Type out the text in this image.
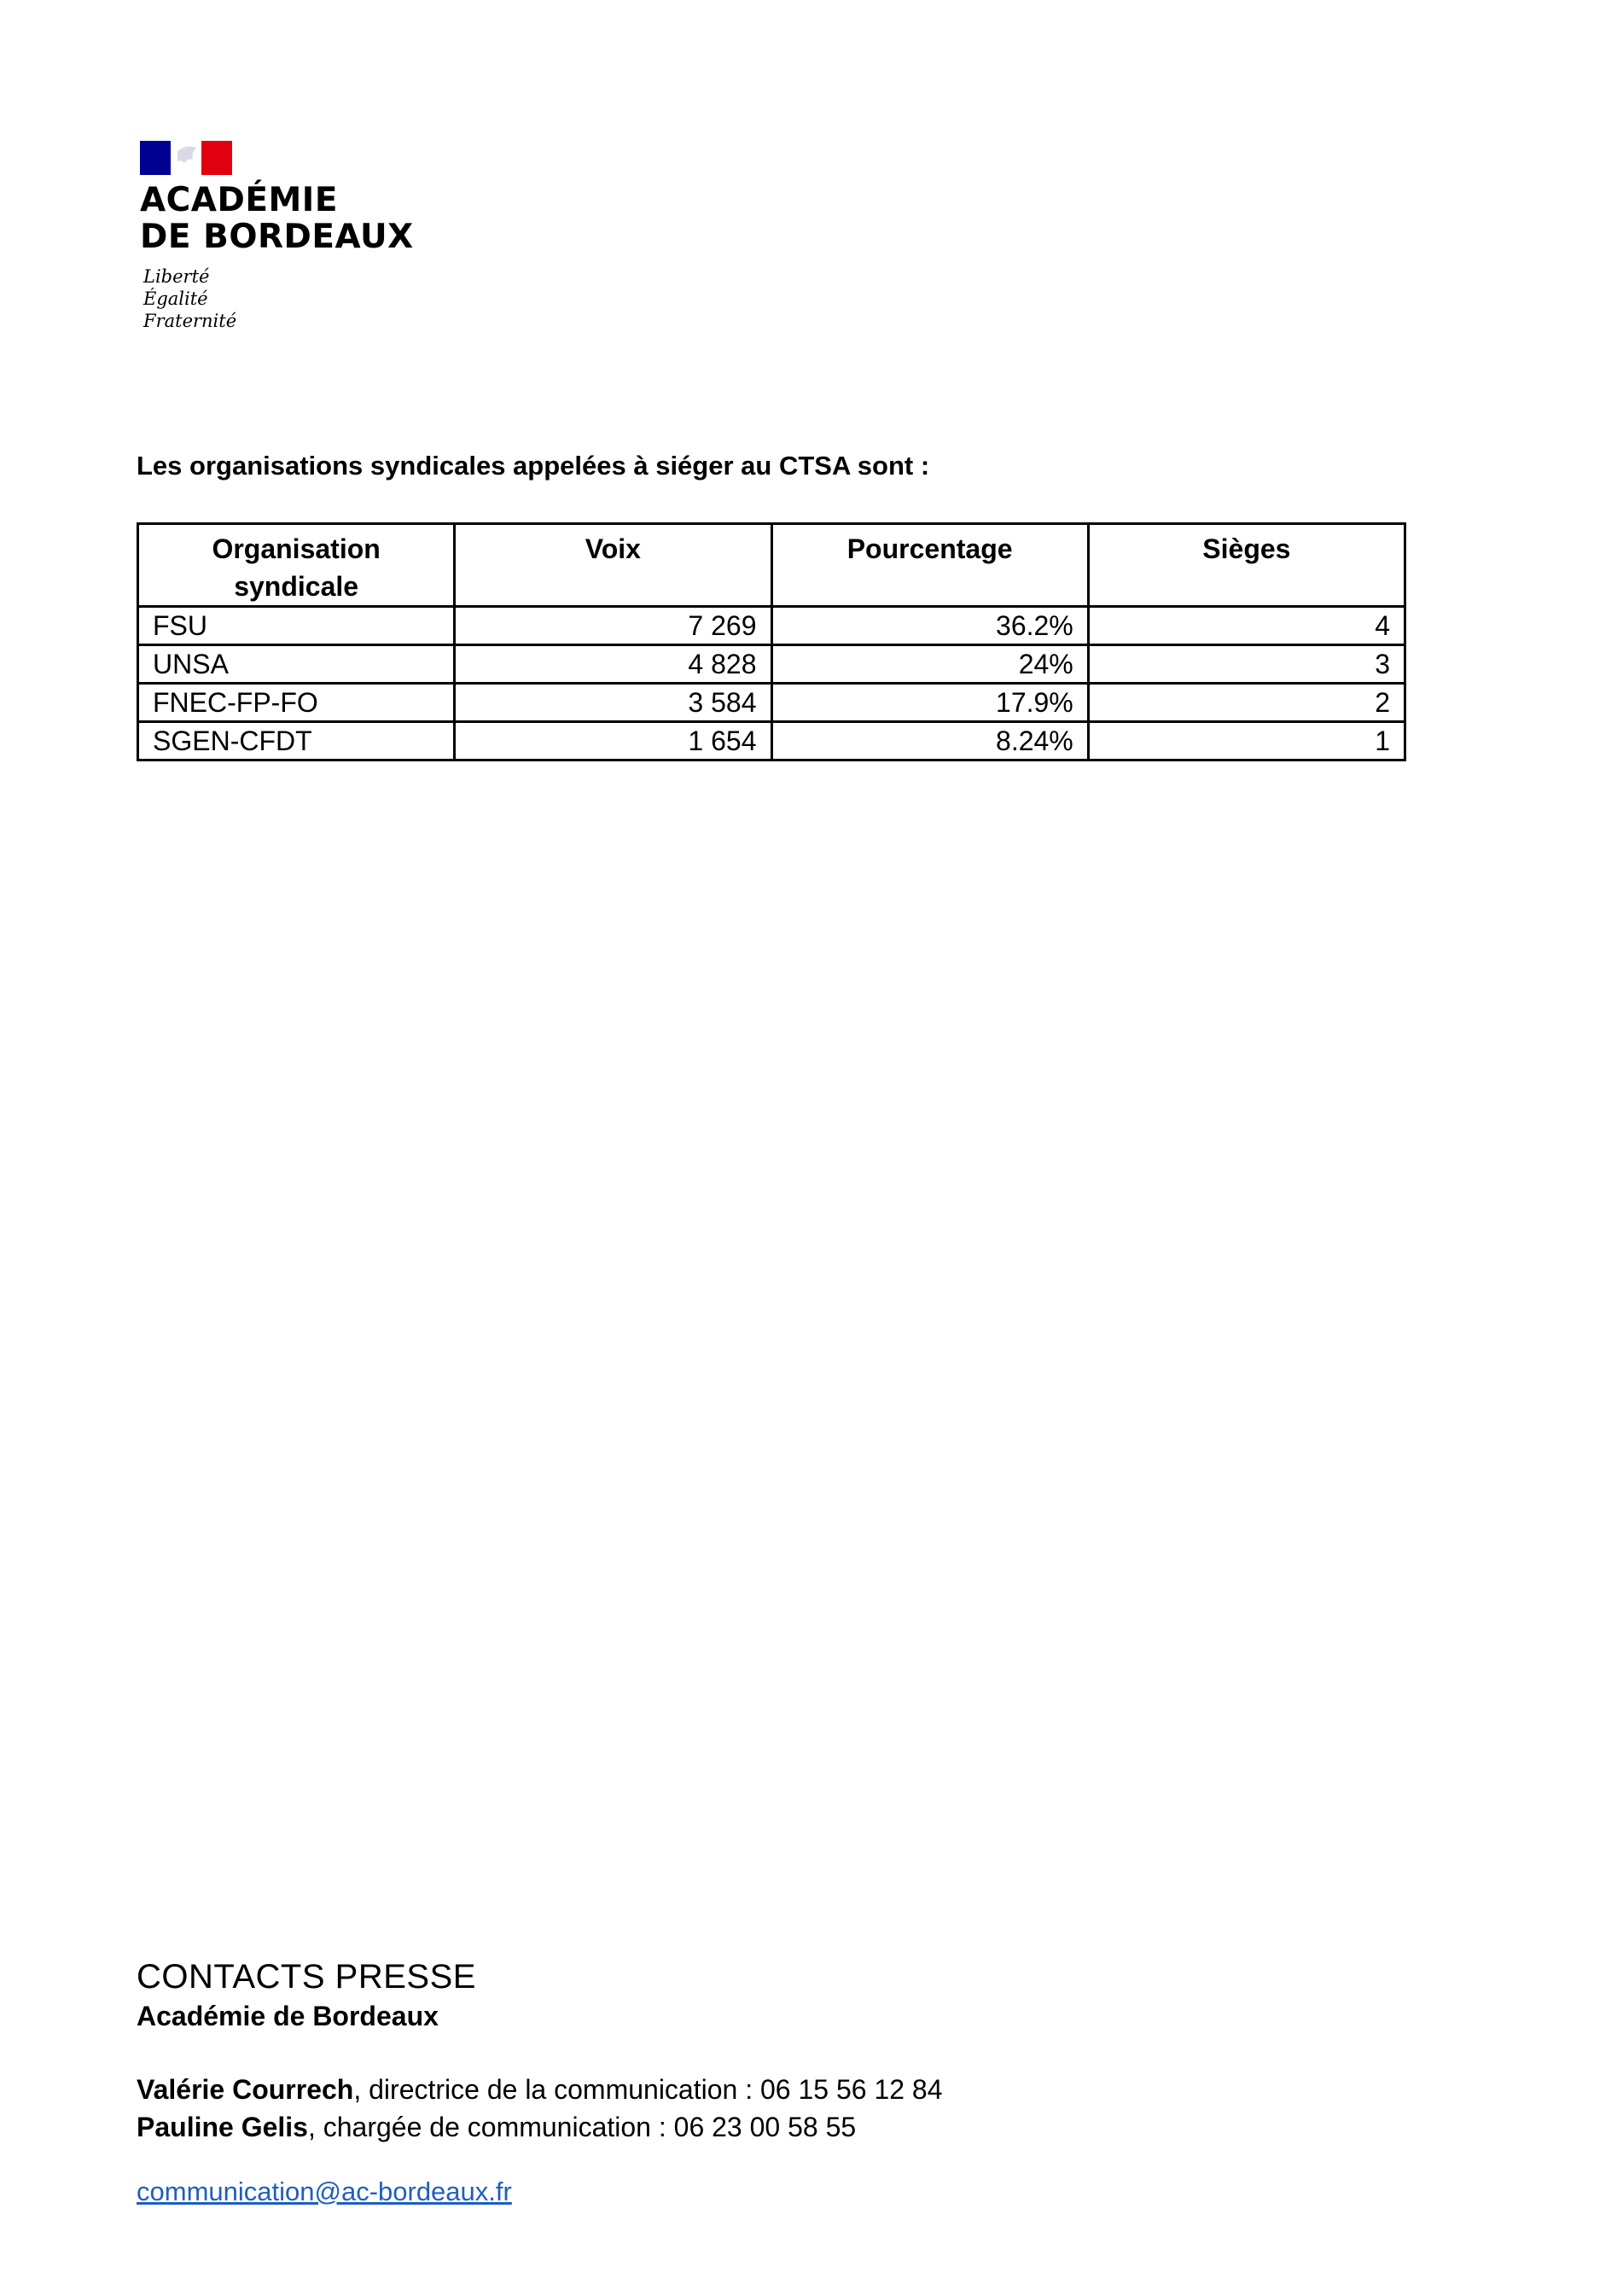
ACADÉMIE
DE BORDEAUX
Liberté
Égalité
Fraternité
Les organisations syndicales appelées à siéger au CTSA sont :
Organisation
syndicale	Voix	Pourcentage	Sièges
FSU	7 269	36.2%	4
UNSA	4 828	24%	3
FNEC-FP-FO	3 584	17.9%	2
SGEN-CFDT	1 654	8.24%	1
CONTACTS PRESSE
Académie de Bordeaux
Valérie Courrech, directrice de la communication : 06 15 56 12 84
Pauline Gelis, chargée de communication : 06 23 00 58 55
communication@ac-bordeaux.fr
